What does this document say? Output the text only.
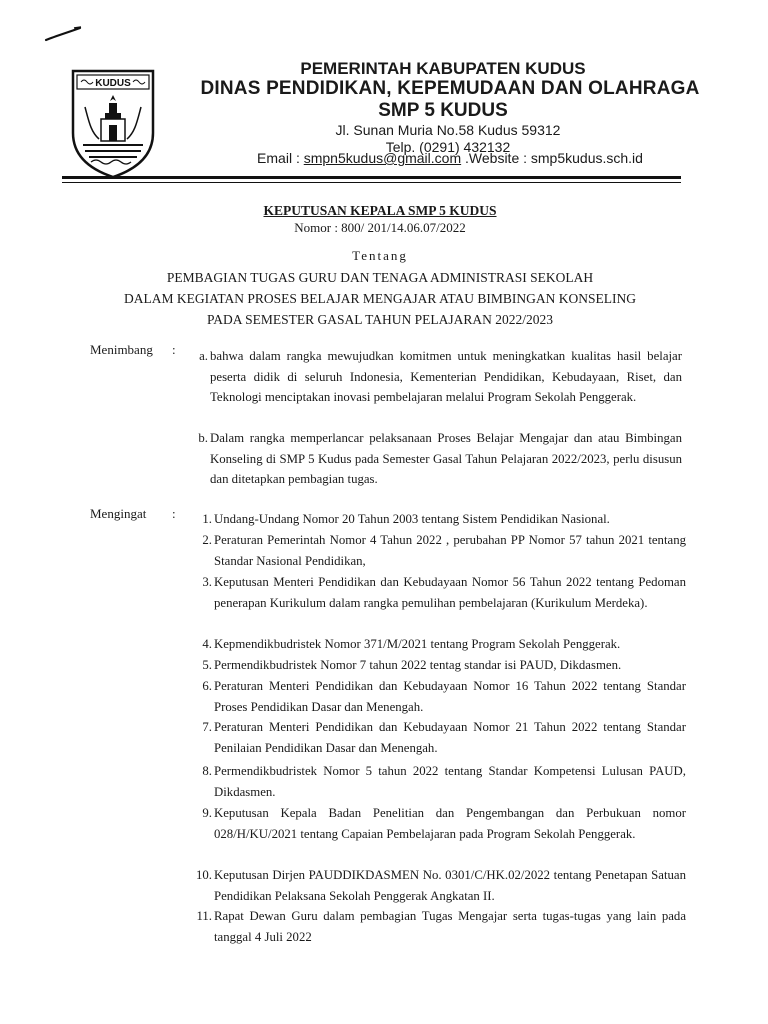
KUDUS
PEMERINTAH KABUPATEN KUDUS
DINAS PENDIDIKAN, KEPEMUDAAN DAN OLAHRAGA
SMP 5 KUDUS
Jl. Sunan Muria No.58 Kudus 59312
Telp. (0291) 432132
Email : smpn5kudus@gmail.com .Website : smp5kudus.sch.id
KEPUTUSAN KEPALA SMP 5 KUDUS
Nomor : 800/ 201/14.06.07/2022
Tentang
PEMBAGIAN TUGAS GURU DAN TENAGA ADMINISTRASI SEKOLAH
DALAM KEGIATAN PROSES BELAJAR MENGAJAR ATAU BIMBINGAN KONSELING
PADA SEMESTER GASAL TAHUN PELAJARAN 2022/2023
Menimbang :	a. bahwa dalam rangka mewujudkan komitmen untuk meningkatkan kualitas hasil belajar peserta didik di seluruh Indonesia, Kementerian Pendidikan, Kebudayaan, Riset, dan Teknologi menciptakan inovasi pembelajaran melalui Program Sekolah Penggerak.
b. Dalam rangka memperlancar pelaksanaan Proses Belajar Mengajar dan atau Bimbingan Konseling di SMP 5 Kudus pada Semester Gasal Tahun Pelajaran 2022/2023, perlu disusun dan ditetapkan pembagian tugas.
Mengingat :	1. Undang-Undang Nomor 20 Tahun 2003 tentang Sistem Pendidikan Nasional.
2. Peraturan Pemerintah Nomor 4 Tahun 2022 , perubahan PP Nomor 57 tahun 2021 tentang Standar Nasional Pendidikan,
3. Keputusan Menteri Pendidikan dan Kebudayaan Nomor 56 Tahun 2022 tentang Pedoman penerapan Kurikulum dalam rangka pemulihan pembelajaran (Kurikulum Merdeka).
4. Kepmendikbudristek Nomor 371/M/2021 tentang Program Sekolah Penggerak.
5. Permendikbudristek Nomor 7 tahun 2022 tentag standar isi PAUD, Dikdasmen.
6. Peraturan Menteri Pendidikan dan Kebudayaan Nomor 16 Tahun 2022 tentang Standar Proses Pendidikan Dasar dan Menengah.
7. Peraturan Menteri Pendidikan dan Kebudayaan Nomor 21 Tahun 2022 tentang Standar Penilaian Pendidikan Dasar dan Menengah.
8. Permendikbudristek Nomor 5 tahun 2022 tentang Standar Kompetensi Lulusan PAUD, Dikdasmen.
9. Keputusan Kepala Badan Penelitian dan Pengembangan dan Perbukuan nomor 028/H/KU/2021 tentang Capaian Pembelajaran pada Program Sekolah Penggerak.
10. Keputusan Dirjen PAUDDIKDASMEN No. 0301/C/HK.02/2022 tentang Penetapan Satuan Pendidikan Pelaksana Sekolah Penggerak Angkatan II.
11. Rapat Dewan Guru dalam pembagian Tugas Mengajar serta tugas-tugas yang lain pada tanggal 4 Juli 2022
